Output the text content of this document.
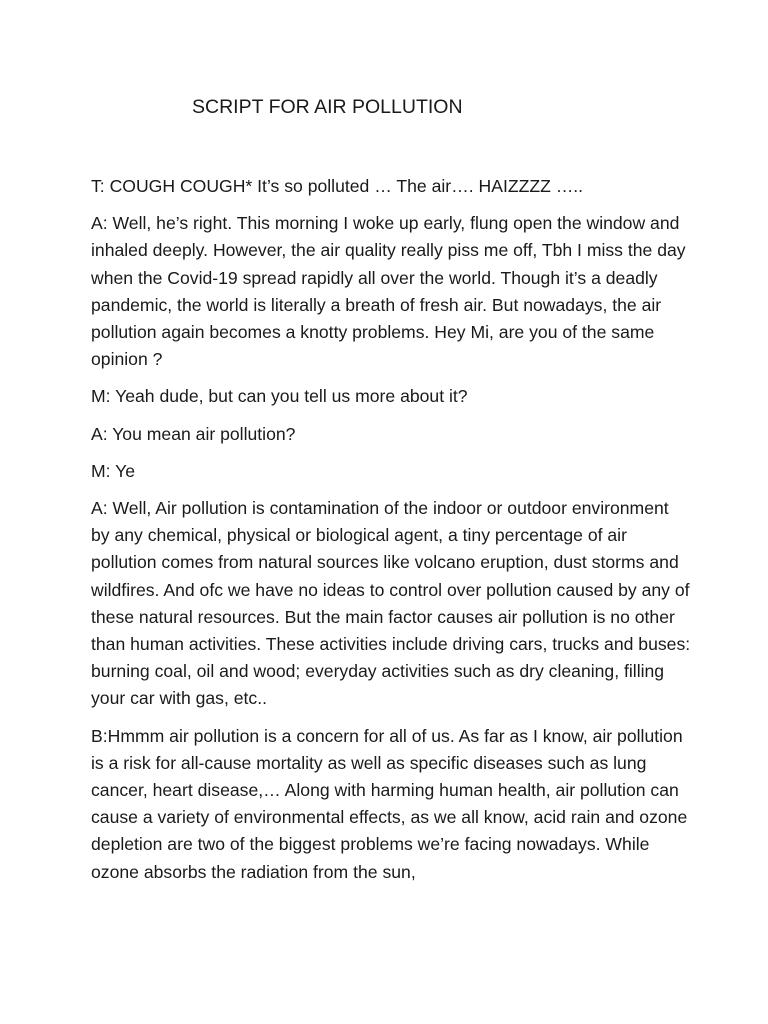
SCRIPT FOR AIR POLLUTION

T: COUGH COUGH* It’s so polluted … The air…. HAIZZZZ …..

A: Well, he’s right. This morning I woke up early, flung open the window and inhaled deeply. However, the air quality really piss me off, Tbh I miss the day when the Covid-19 spread rapidly all over the world. Though it’s a deadly pandemic, the world is literally a breath of fresh air. But nowadays, the air pollution again becomes a knotty problems. Hey Mi, are you of the same opinion ?

M: Yeah dude, but can you tell us more about it?

A: You mean air pollution?

M: Ye

A: Well, Air pollution is contamination of the indoor or outdoor environment by any chemical, physical or biological agent, a tiny percentage of air pollution comes from natural sources like volcano eruption, dust storms and wildfires. And ofc we have no ideas to control over pollution caused by any of these natural resources. But the main factor causes air pollution is no other than human activities. These activities include driving cars, trucks and buses: burning coal, oil and wood; everyday activities such as dry cleaning, filling your car with gas, etc..

B:Hmmm air pollution is a concern for all of us. As far as I know, air pollution is a risk for all-cause mortality as well as specific diseases such as lung cancer, heart disease,… Along with harming human health, air pollution can cause a variety of environmental effects, as we all know, acid rain and ozone depletion are two of the biggest problems we’re facing nowadays. While ozone absorbs the radiation from the sun,
